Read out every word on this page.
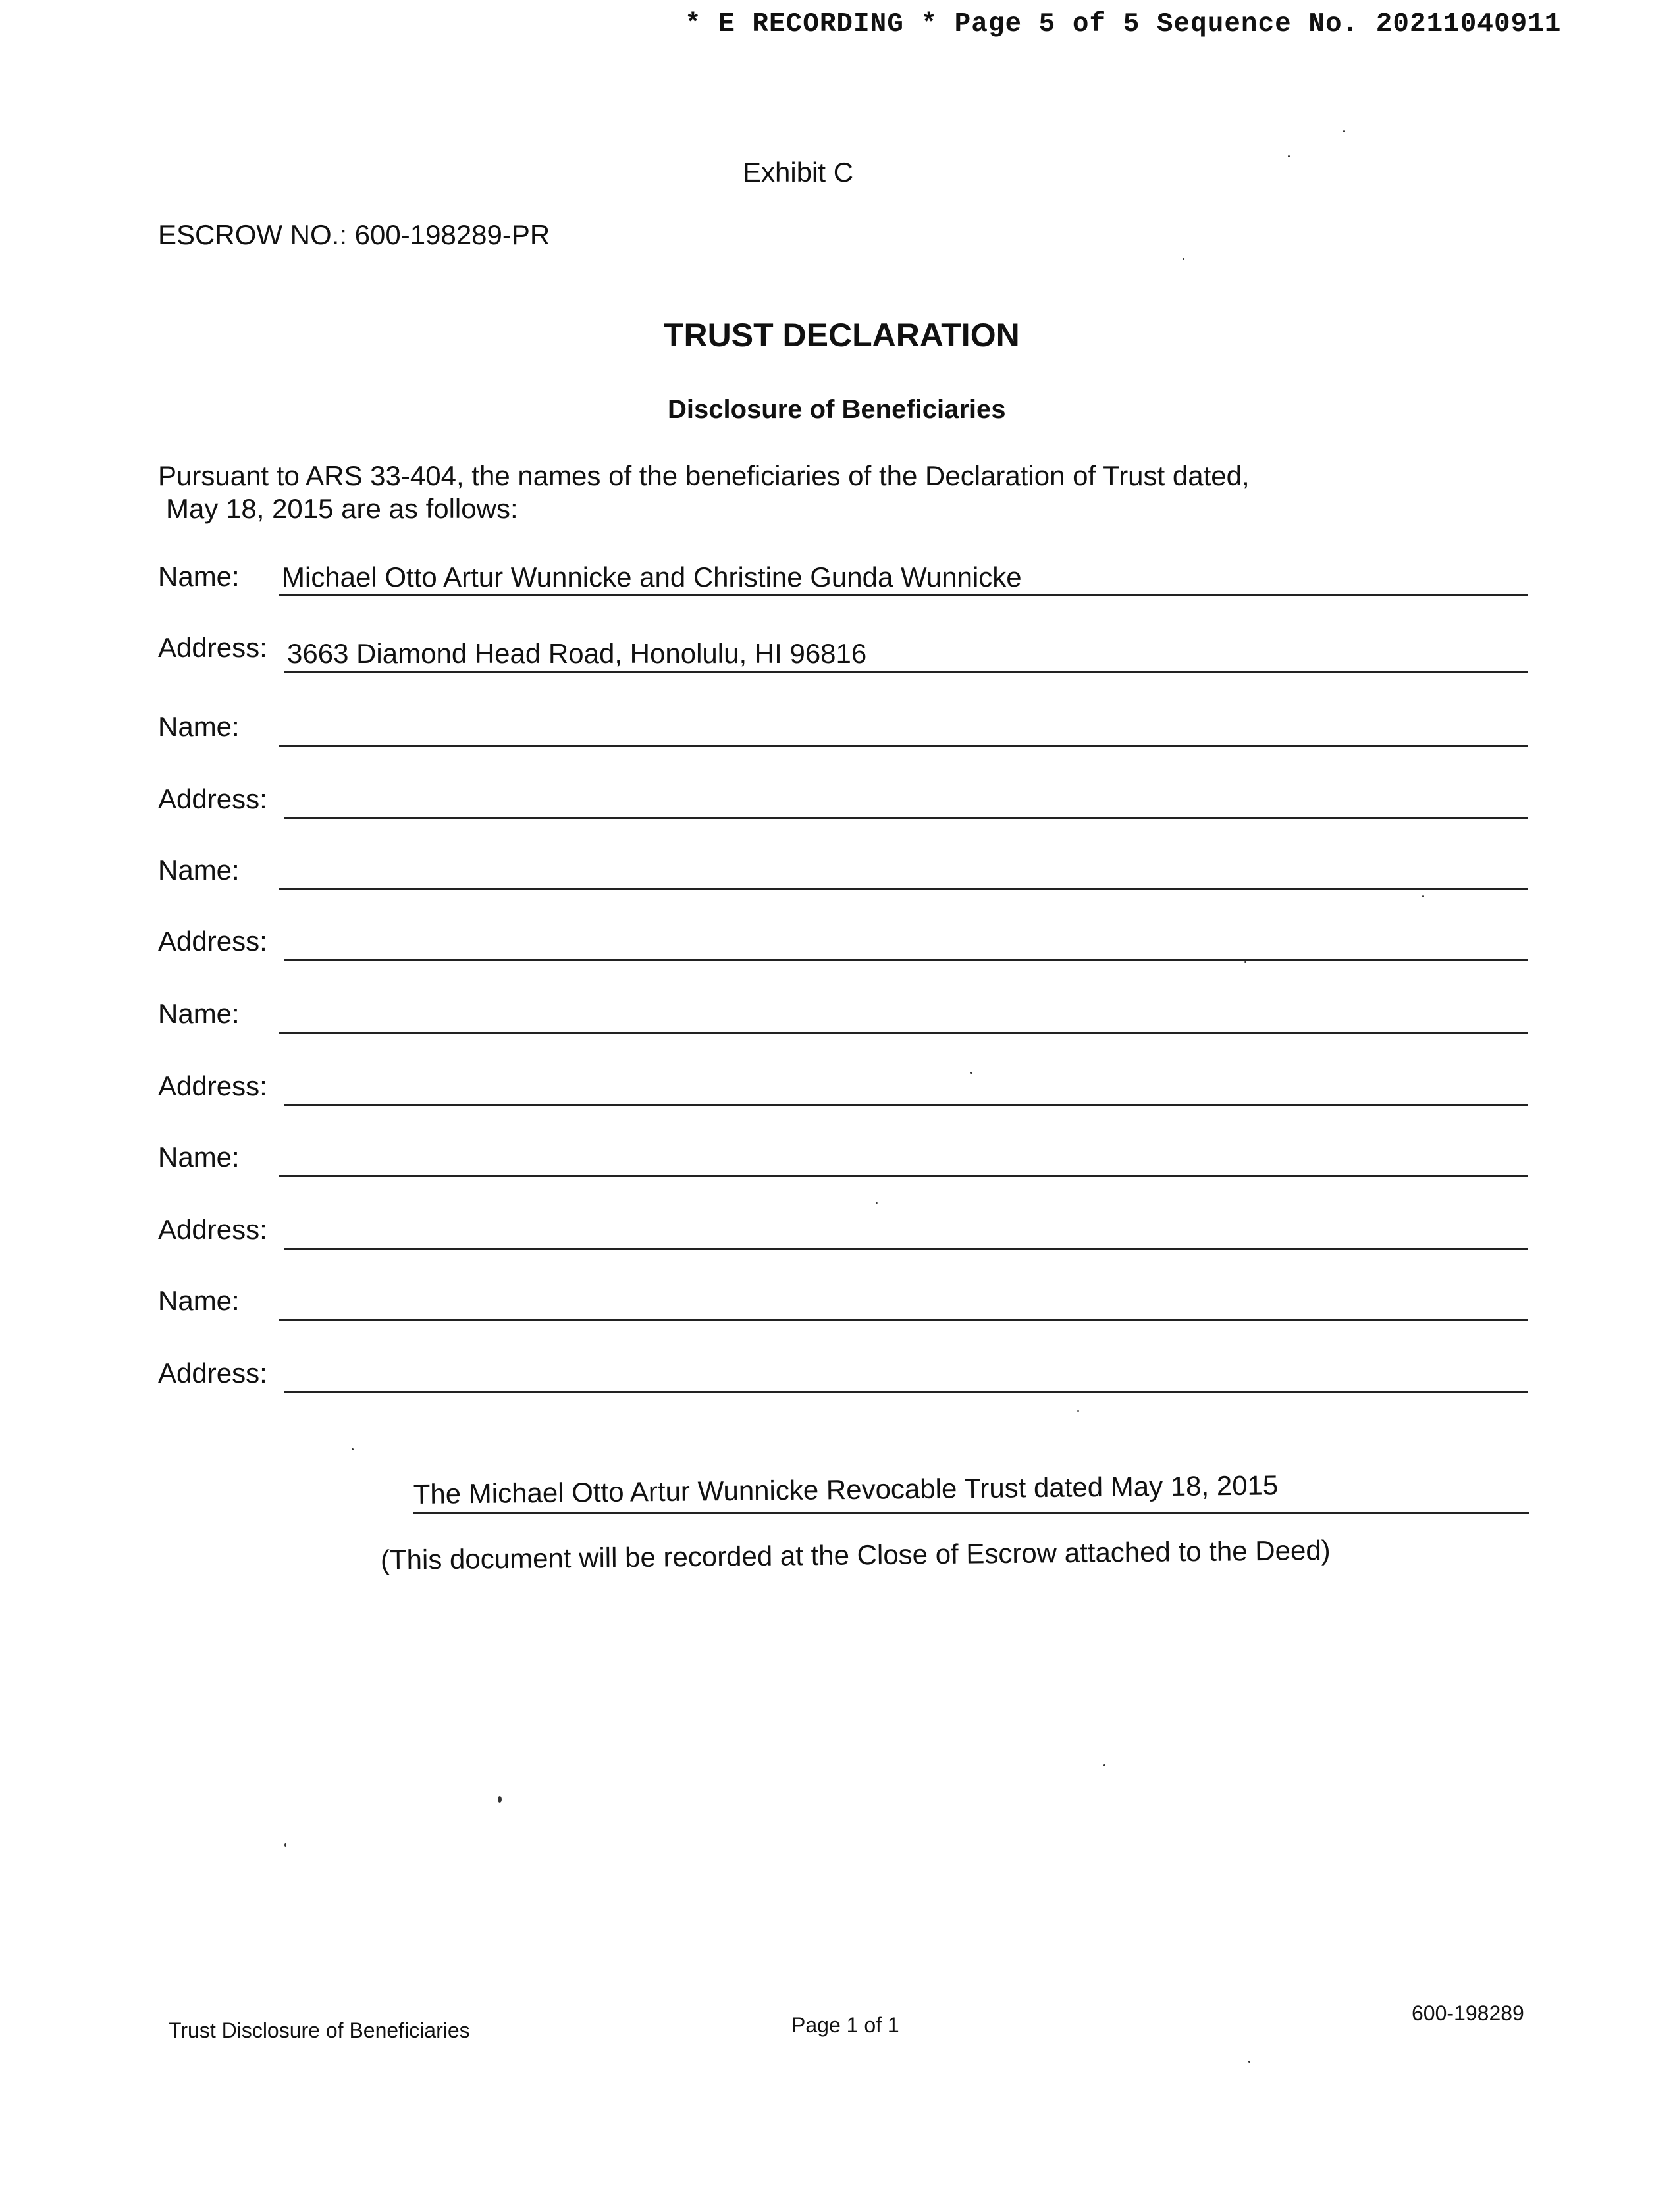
* E RECORDING * Page 5 of 5 Sequence No. 20211040911
Exhibit C
ESCROW NO.: 600-198289-PR
TRUST DECLARATION
Disclosure of Beneficiaries
Pursuant to ARS 33-404, the names of the beneficiaries of the Declaration of Trust dated,
May 18, 2015 are as follows:
Name: Michael Otto Artur Wunnicke and Christine Gunda Wunnicke
Address: 3663 Diamond Head Road, Honolulu, HI 96816
Name:
Address:
Name:
Address:
Name:
Address:
Name:
Address:
Name:
Address:
The Michael Otto Artur Wunnicke Revocable Trust dated May 18, 2015
(This document will be recorded at the Close of Escrow attached to the Deed)
Trust Disclosure of Beneficiaries	Page 1 of 1	600-198289
